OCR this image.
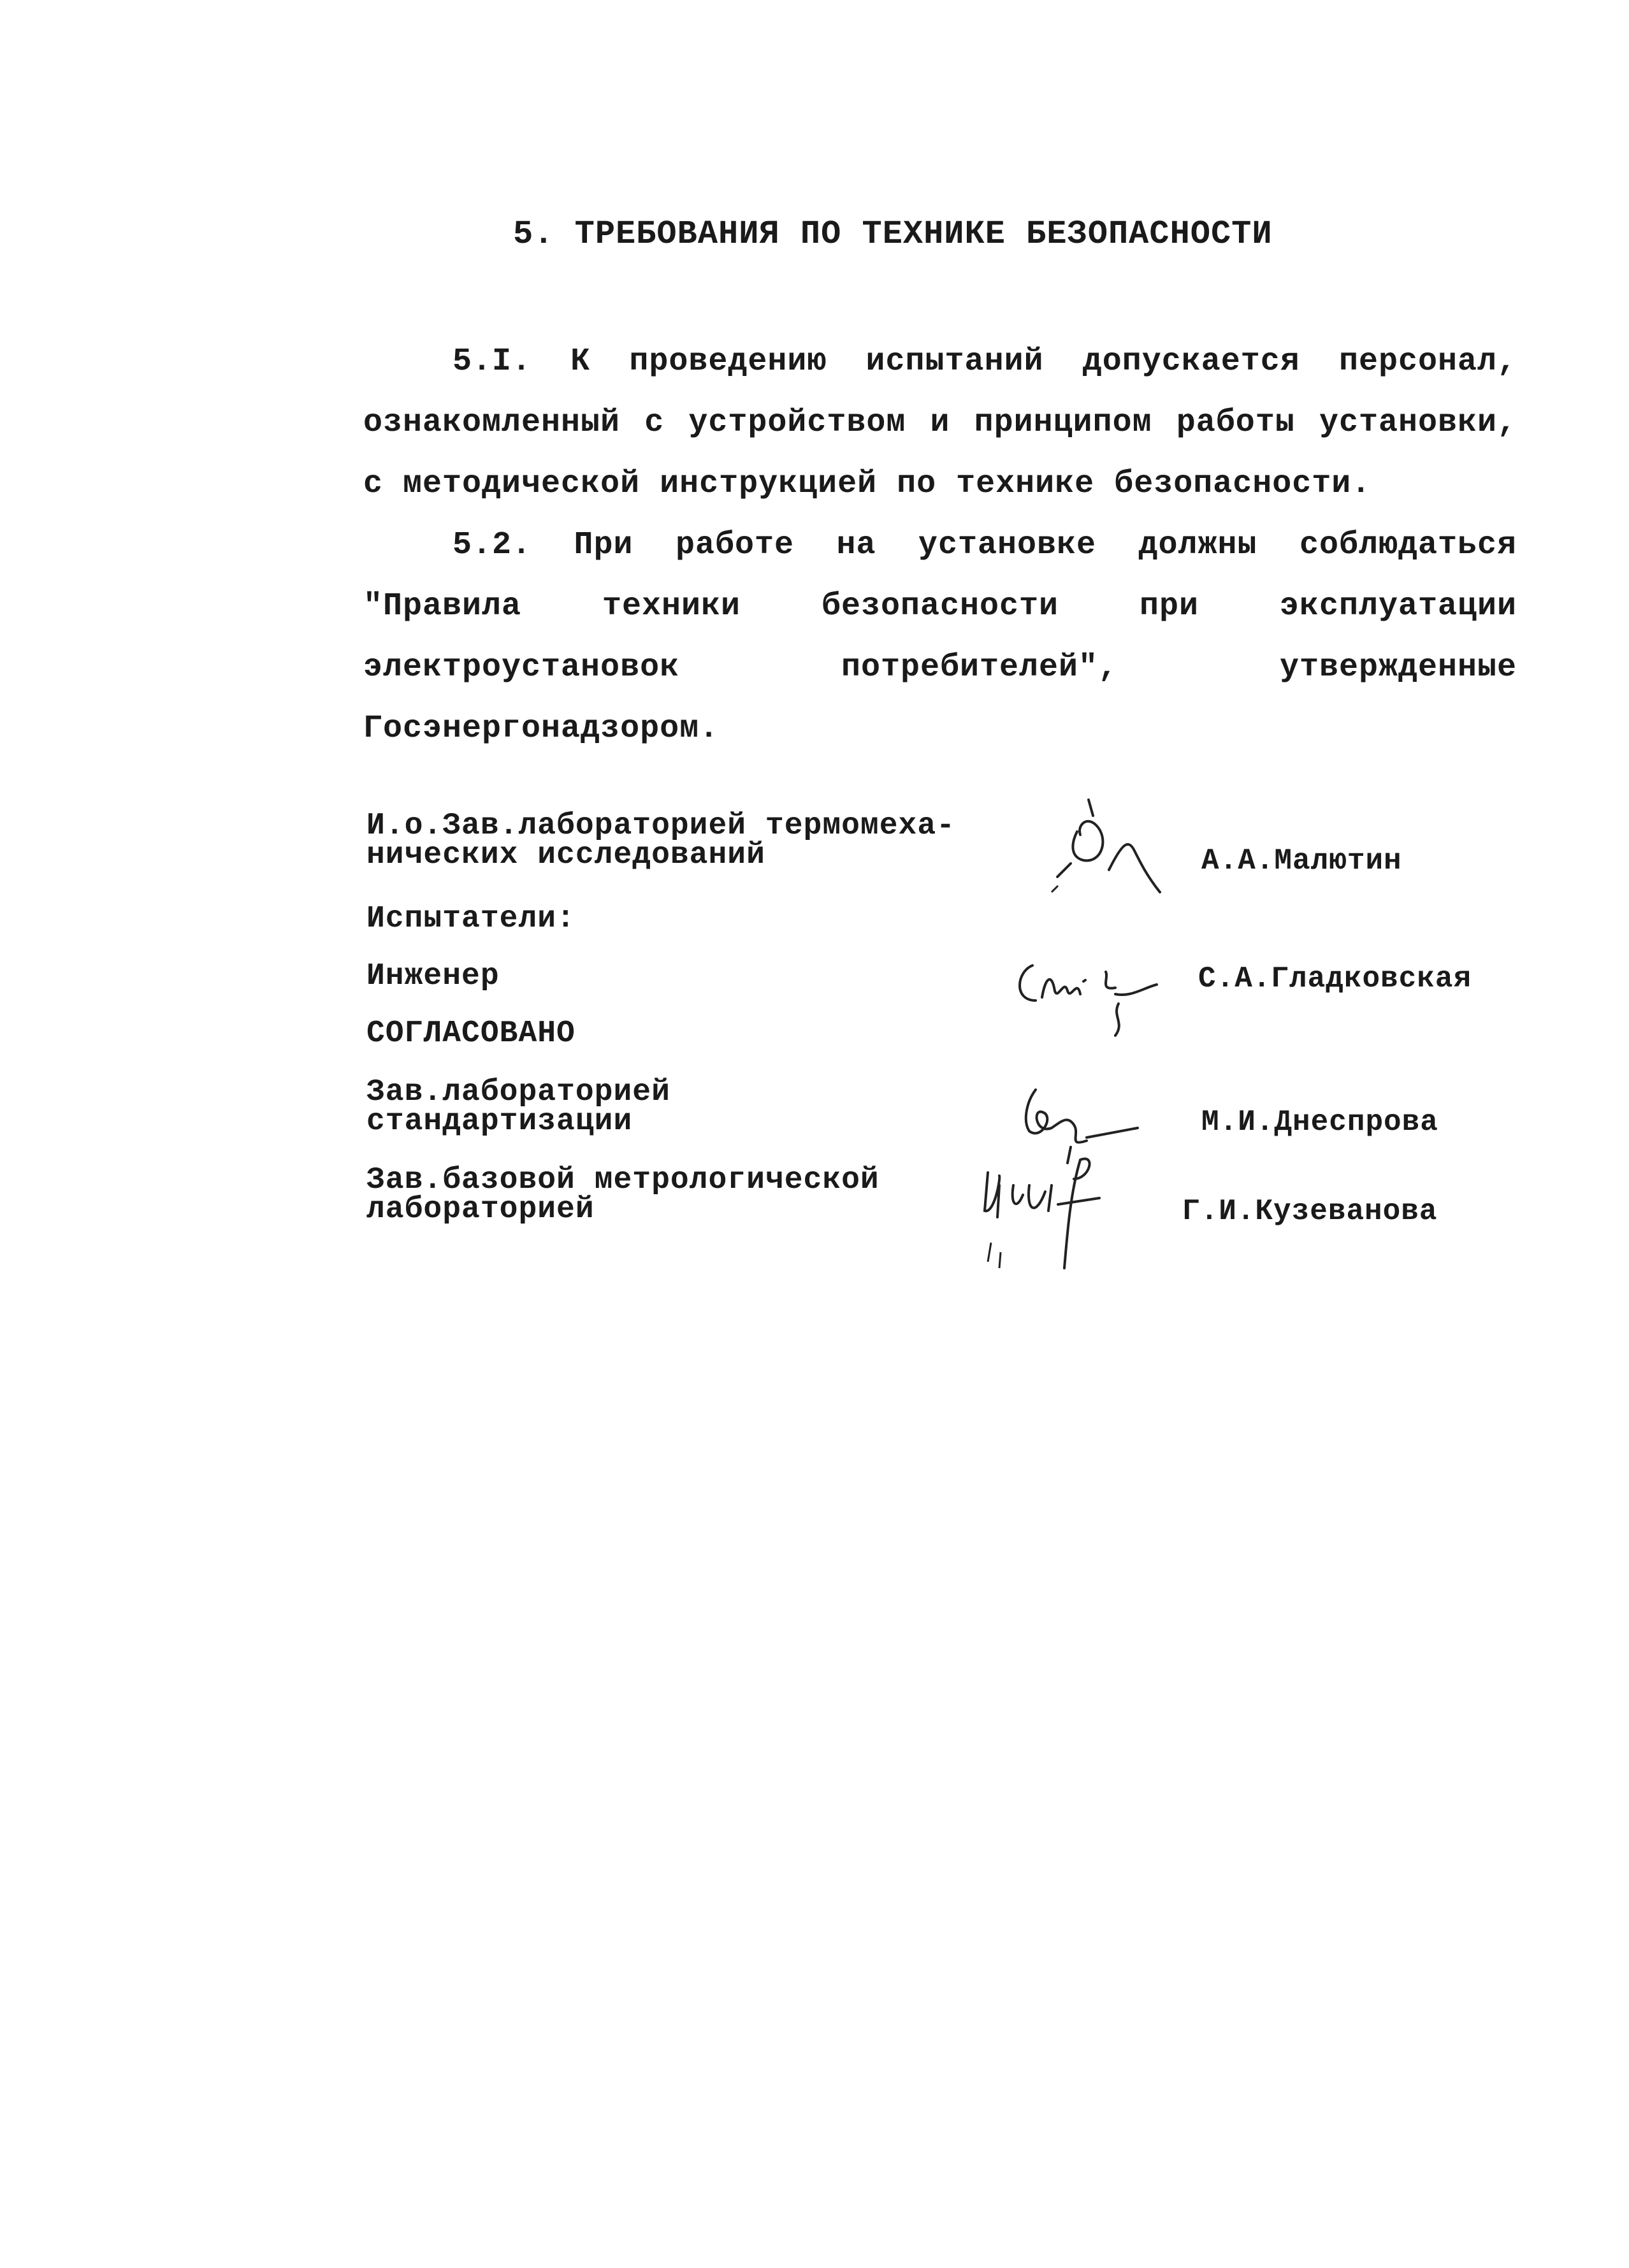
5. ТРЕБОВАНИЯ ПО ТЕХНИКЕ БЕЗОПАСНОСТИ

5.I. К проведению испытаний допускается персонал, ознакомленный с устройством и принципом работы установки, с методической инструкцией по технике безопасности.

5.2. При работе на установке должны соблюдаться "Правила техники безопасности при эксплуатации электроустановок потребителей", утвержденные Госэнергонадзором.

И.о.Зав.лабораторией термомеха-
нических исследований	А.А.Малютин
Испытатели:
Инженер	С.А.Гладковская
СОГЛАСОВАНО
Зав.лабораторией
стандартизации	М.И.Днеспрова
Зав.базовой метрологической
лабораторией	Г.И.Кузеванова
